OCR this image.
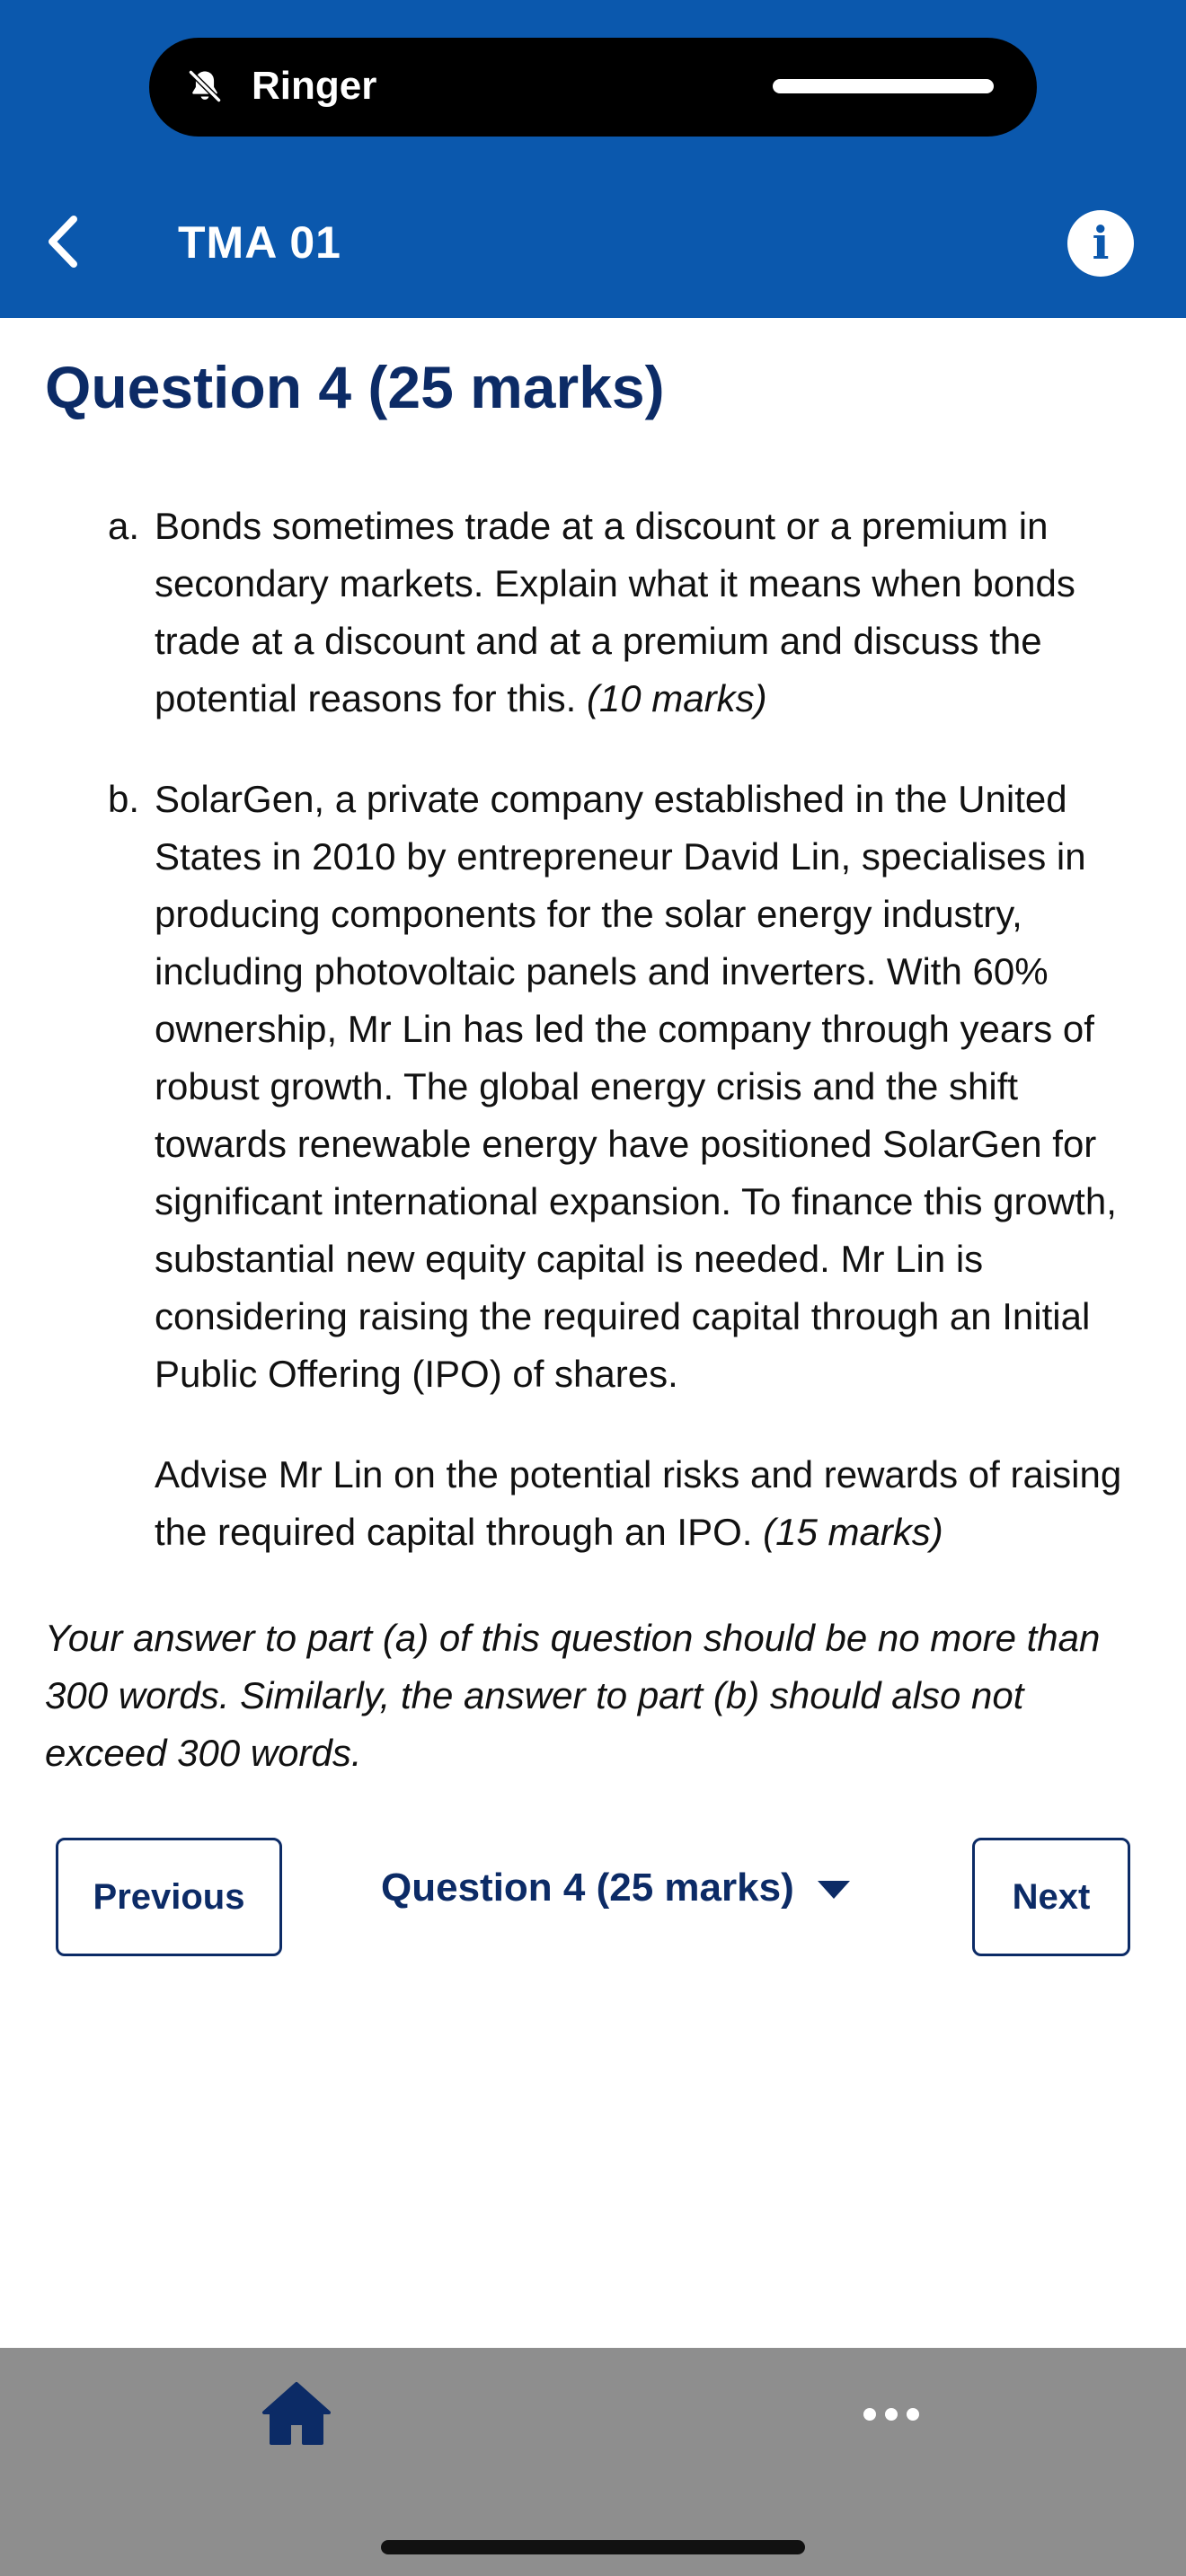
Ringer
TMA 01	i
Question 4 (25 marks)
a. Bonds sometimes trade at a discount or a premium in secondary markets. Explain what it means when bonds trade at a discount and at a premium and discuss the potential reasons for this. (10 marks)

b. SolarGen, a private company established in the United States in 2010 by entrepreneur David Lin, specialises in producing components for the solar energy industry, including photovoltaic panels and inverters. With 60% ownership, Mr Lin has led the company through years of robust growth. The global energy crisis and the shift towards renewable energy have positioned SolarGen for significant international expansion. To finance this growth, substantial new equity capital is needed. Mr Lin is considering raising the required capital through an Initial Public Offering (IPO) of shares.

Advise Mr Lin on the potential risks and rewards of raising the required capital through an IPO. (15 marks)

Your answer to part (a) of this question should be no more than 300 words. Similarly, the answer to part (b) should also not exceed 300 words.

Previous	Question 4 (25 marks)	Next
